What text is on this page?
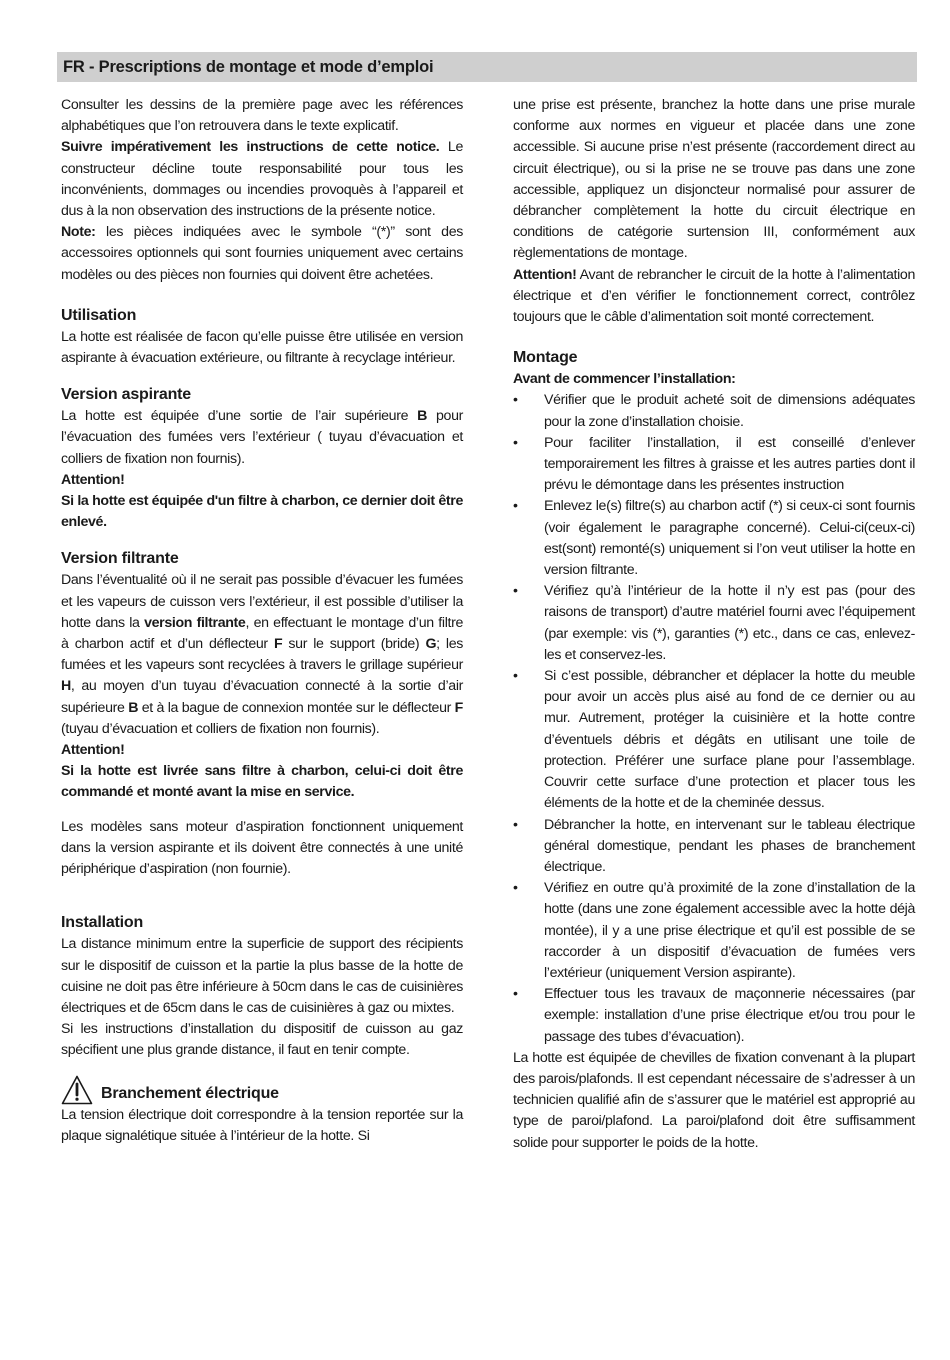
FR - Prescriptions de montage et mode d’emploi

Consulter les dessins de la première page avec les références alphabétiques que l’on retrouvera dans le texte explicatif.

Suivre impérativement les instructions de cette notice. Le constructeur décline toute responsabilité pour tous les inconvénients, dommages ou incendies provoquès à l’appareil et dus à la non observation des instructions de la présente notice.

Note: les pièces indiquées avec le symbole “(*)” sont des accessoires optionnels qui sont fournies uniquement avec certains modèles ou des pièces non fournies qui doivent être achetées.

Utilisation

La hotte est réalisée de facon qu’elle puisse être utilisée en version aspirante à évacuation extérieure, ou filtrante à recyclage intérieur.

Version aspirante

La hotte est équipée d’une sortie de l’air supérieure B pour l’évacuation des fumées vers l’extérieur ( tuyau d’évacuation et colliers de fixation non fournis).

Attention!

Si la hotte est équipée d'un filtre à charbon, ce dernier doit être enlevé.

Version filtrante

Dans l’éventualité où il ne serait pas possible d’évacuer les fumées et les vapeurs de cuisson vers l’extérieur, il est possible d’utiliser la hotte dans la version filtrante, en effectuant le montage d’un filtre à charbon actif et d’un déflecteur F sur le support (bride) G; les fumées et les vapeurs sont recyclées à travers le grillage supérieur H, au moyen d’un tuyau d’évacuation connecté à la sortie d’air supérieure B et à la bague de connexion montée sur le déflecteur F (tuyau d’évacuation et colliers de fixation non fournis).

Attention!

Si la hotte est livrée sans filtre à charbon, celui-ci doit être commandé et monté avant la mise en service.

Les modèles sans moteur d’aspiration fonctionnent uniquement dans la version aspirante et ils doivent être connectés à une unité périphérique d’aspiration (non fournie).

Installation

La distance minimum entre la superficie de support des récipients sur le dispositif de cuisson et la partie la plus basse de la hotte de cuisine ne doit pas être inférieure à 50cm dans le cas de cuisinières électriques et de 65cm dans le cas de cuisinières à gaz ou mixtes.

Si les instructions d’installation du dispositif de cuisson au gaz spécifient une plus grande distance, il faut en tenir compte.

Branchement électrique

La tension électrique doit correspondre à la tension reportée sur la plaque signalétique située à l’intérieur de la hotte. Si

une prise est présente, branchez la hotte dans une prise murale conforme aux normes en vigueur et placée dans une zone accessible. Si aucune prise n’est présente (raccordement direct au circuit électrique), ou si la prise ne se trouve pas dans une zone accessible, appliquez un disjoncteur normalisé pour assurer de débrancher complètement la hotte du circuit électrique en conditions de catégorie surtension III, conformément aux règlementations de montage.

Attention! Avant de rebrancher le circuit de la hotte à l’alimentation électrique et d’en vérifier le fonctionnement correct, contrôlez toujours que le câble d’alimentation soit monté correctement.

Montage

Avant de commencer l’installation:

• Vérifier que le produit acheté soit de dimensions adéquates pour la zone d’installation choisie.
• Pour faciliter l’installation, il est conseillé d’enlever temporairement les filtres à graisse et les autres parties dont il prévu le démontage dans les présentes instruction
• Enlevez le(s) filtre(s) au charbon actif (*) si ceux-ci sont fournis (voir également le paragraphe concerné). Celui-ci(ceux-ci) est(sont) remonté(s) uniquement si l’on veut utiliser la hotte en version filtrante.
• Vérifiez qu’à l’intérieur de la hotte il n’y est pas (pour des raisons de transport) d’autre matériel fourni avec l’équipement (par exemple: vis (*), garanties (*) etc., dans ce cas, enlevez-les et conservez-les.
• Si c’est possible, débrancher et déplacer la hotte du meuble pour avoir un accès plus aisé au fond de ce dernier ou au mur. Autrement, protéger la cuisinière et la hotte contre d’éventuels débris et dégâts en utilisant une toile de protection. Préférer une surface plane pour l’assemblage. Couvrir cette surface d’une protection et placer tous les éléments de la hotte et de la cheminée dessus.
• Débrancher la hotte, en intervenant sur le tableau électrique général domestique, pendant les phases de branchement électrique.
• Vérifiez en outre qu’à proximité de la zone d’installation de la hotte (dans une zone également accessible avec la hotte déjà montée), il y a une prise électrique et qu’il est possible de se raccorder à un dispositif d’évacuation de fumées vers l’extérieur (uniquement Version aspirante).
• Effectuer tous les travaux de maçonnerie nécessaires (par exemple: installation d’une prise électrique et/ou trou pour le passage des tubes d’évacuation).

La hotte est équipée de chevilles de fixation convenant à la plupart des parois/plafonds. Il est cependant nécessaire de s’adresser à un technicien qualifié afin de s’assurer que le matériel est approprié au type de paroi/plafond. La paroi/plafond doit être suffisamment solide pour supporter le poids de la hotte.
